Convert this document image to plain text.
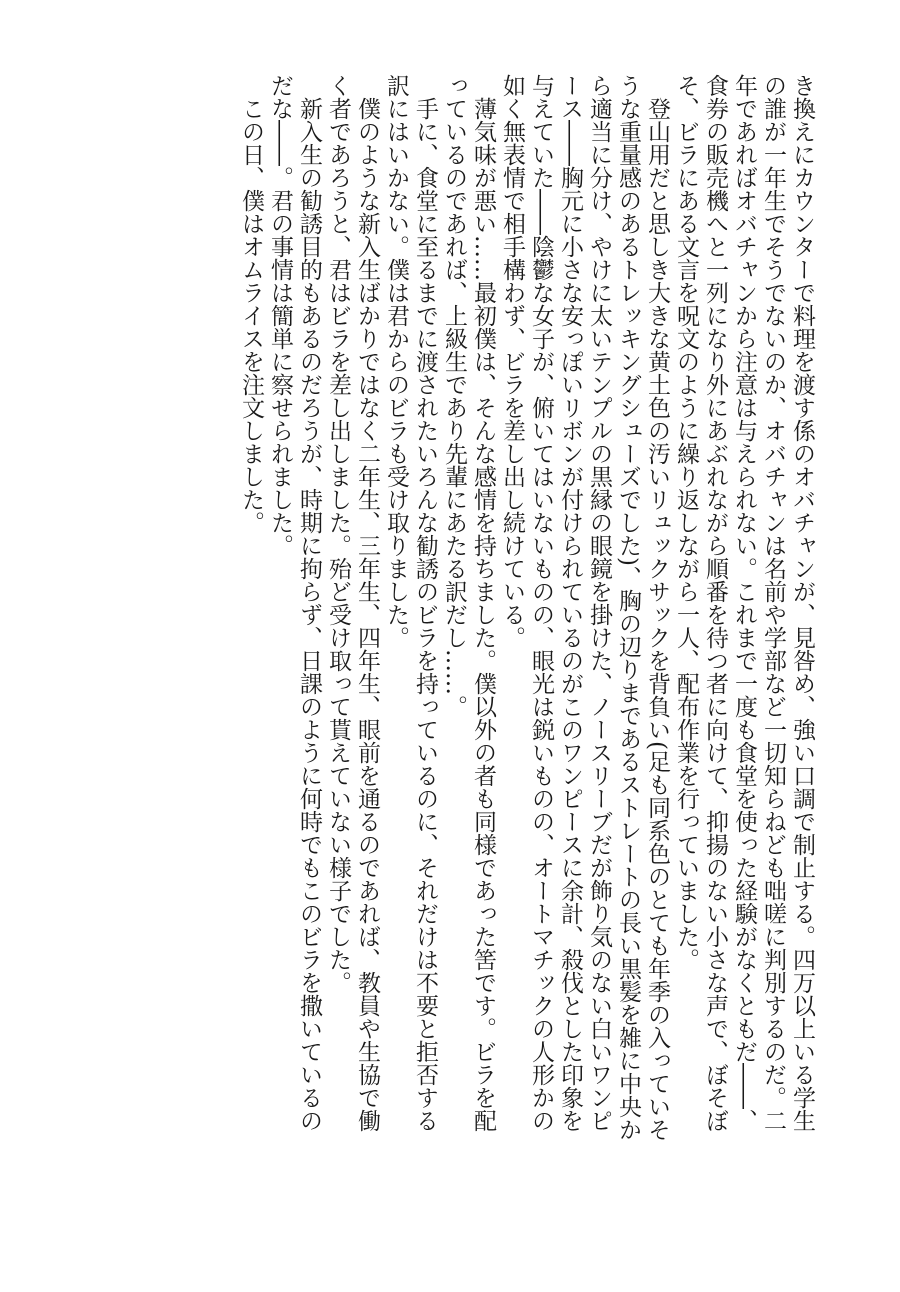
き換えにカウンターで料理を渡す係のオバチャンが、見咎め、強い口調で制止する。四万以上いる学生の誰が一年生でそうでないのか、オバチャンは名前や学部など一切知らねども咄嗟に判別するのだ。二年であればオバチャンから注意は与えられない。これまで一度も食堂を使った経験がなくともだ――、食券の販売機へと一列になり外にあぶれながら順番を待つ者に向けて、抑揚のない小さな声で、ぼそぼそ、ビラにある文言を呪文のように繰り返しながら一人、配布作業を行っていました。

登山用だと思しき大きな黄土色の汚いリュックサックを背負い(足も同系色のとても年季の入っていそうな重量感のあるトレッキングシューズでした)、胸の辺りまであるストレートの長い黒髪を雑に中央から適当に分け、やけに太いテンプルの黒縁の眼鏡を掛けた、ノースリーブだが飾り気のない白いワンピース――胸元に小さな安っぽいリボンが付けられているのがこのワンピースに余計、殺伐とした印象を与えていた――陰鬱な女子が、俯いてはいないものの、眼光は鋭いものの、オートマチックの人形かの如く無表情で相手構わず、ビラを差し出し続けている。

薄気味が悪い……最初僕は、そんな感情を持ちました。僕以外の者も同様であった筈です。ビラを配っているのであれば、上級生であり先輩にあたる訳だし……。

手に、食堂に至るまでに渡されたいろんな勧誘のビラを持っているのに、それだけは不要と拒否する訳にはいかない。僕は君からのビラも受け取りました。

僕のような新入生ばかりではなく二年生、三年生、四年生、眼前を通るのであれば、教員や生協で働く者であろうと、君はビラを差し出しました。殆ど受け取って貰えていない様子でした。

新入生の勧誘目的もあるのだろうが、時期に拘らず、日課のように何時でもこのビラを撒いているのだな――。君の事情は簡単に察せられました。

この日、僕はオムライスを注文しました。
